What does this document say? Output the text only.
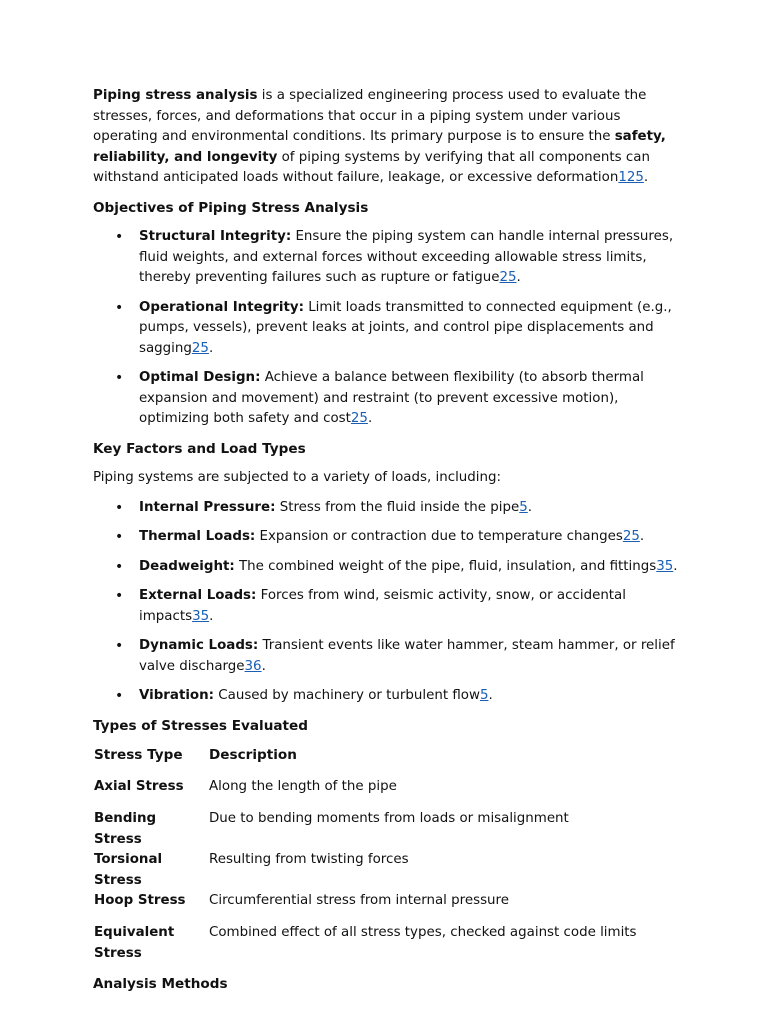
Piping stress analysis is a specialized engineering process used to evaluate the stresses, forces, and deformations that occur in a piping system under various operating and environmental conditions. Its primary purpose is to ensure the safety, reliability, and longevity of piping systems by verifying that all components can withstand anticipated loads without failure, leakage, or excessive deformation125.

Objectives of Piping Stress Analysis
• Structural Integrity: Ensure the piping system can handle internal pressures, fluid weights, and external forces without exceeding allowable stress limits, thereby preventing failures such as rupture or fatigue25.
• Operational Integrity: Limit loads transmitted to connected equipment (e.g., pumps, vessels), prevent leaks at joints, and control pipe displacements and sagging25.
• Optimal Design: Achieve a balance between flexibility (to absorb thermal expansion and movement) and restraint (to prevent excessive motion), optimizing both safety and cost25.
Key Factors and Load Types

Piping systems are subjected to a variety of loads, including:

• Internal Pressure: Stress from the fluid inside the pipe5.
• Thermal Loads: Expansion or contraction due to temperature changes25.
• Deadweight: The combined weight of the pipe, fluid, insulation, and fittings35.
• External Loads: Forces from wind, seismic activity, snow, or accidental impacts35.
• Dynamic Loads: Transient events like water hammer, steam hammer, or relief valve discharge36.
• Vibration: Caused by machinery or turbulent flow5.
Types of Stresses Evaluated
Stress Type	Description
Axial Stress	Along the length of the pipe
Bending Stress	Due to bending moments from loads or misalignment
Torsional Stress	Resulting from twisting forces
Hoop Stress	Circumferential stress from internal pressure
Equivalent Stress	Combined effect of all stress types, checked against code limits
Analysis Methods
